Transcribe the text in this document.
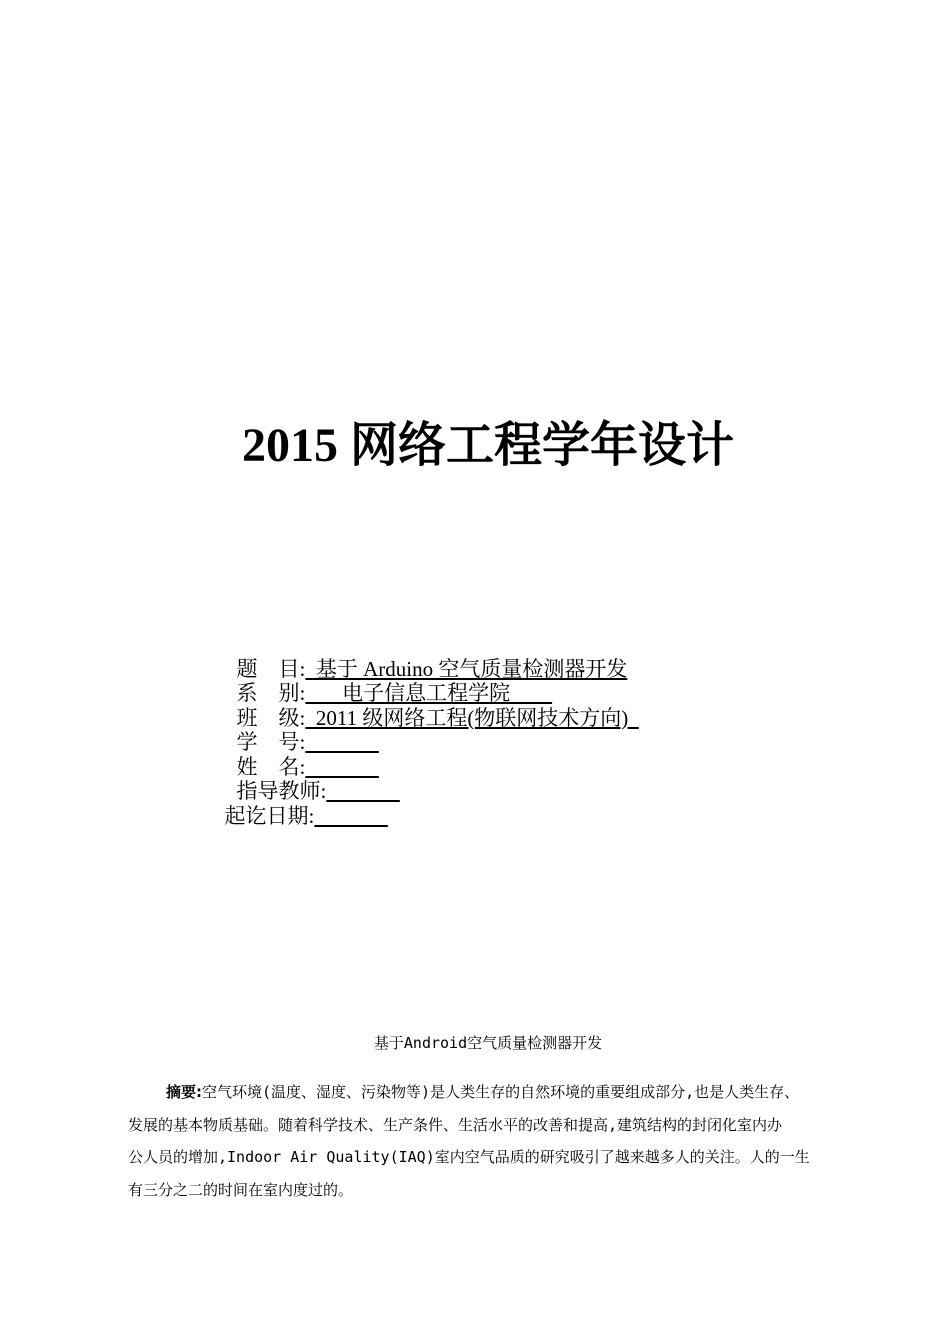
2015 网络工程学年设计

题    目:  基于 Arduino 空气质量检测器开发

系    别:       电子信息工程学院

班    级:  2011 级网络工程(物联网技术方向)

学    号:

姓    名:

指导教师:

起讫日期:

基于Android空气质量检测器开发
摘要:空气环境(温度、湿度、污染物等)是人类生存的自然环境的重要组成部分,也是人类生存、
发展的基本物质基础。随着科学技术、生产条件、生活水平的改善和提高,建筑结构的封闭化室内办
公人员的增加,Indoor Air Quality(IAQ)室内空气品质的研究吸引了越来越多人的关注。人的一生
有三分之二的时间在室内度过的。
